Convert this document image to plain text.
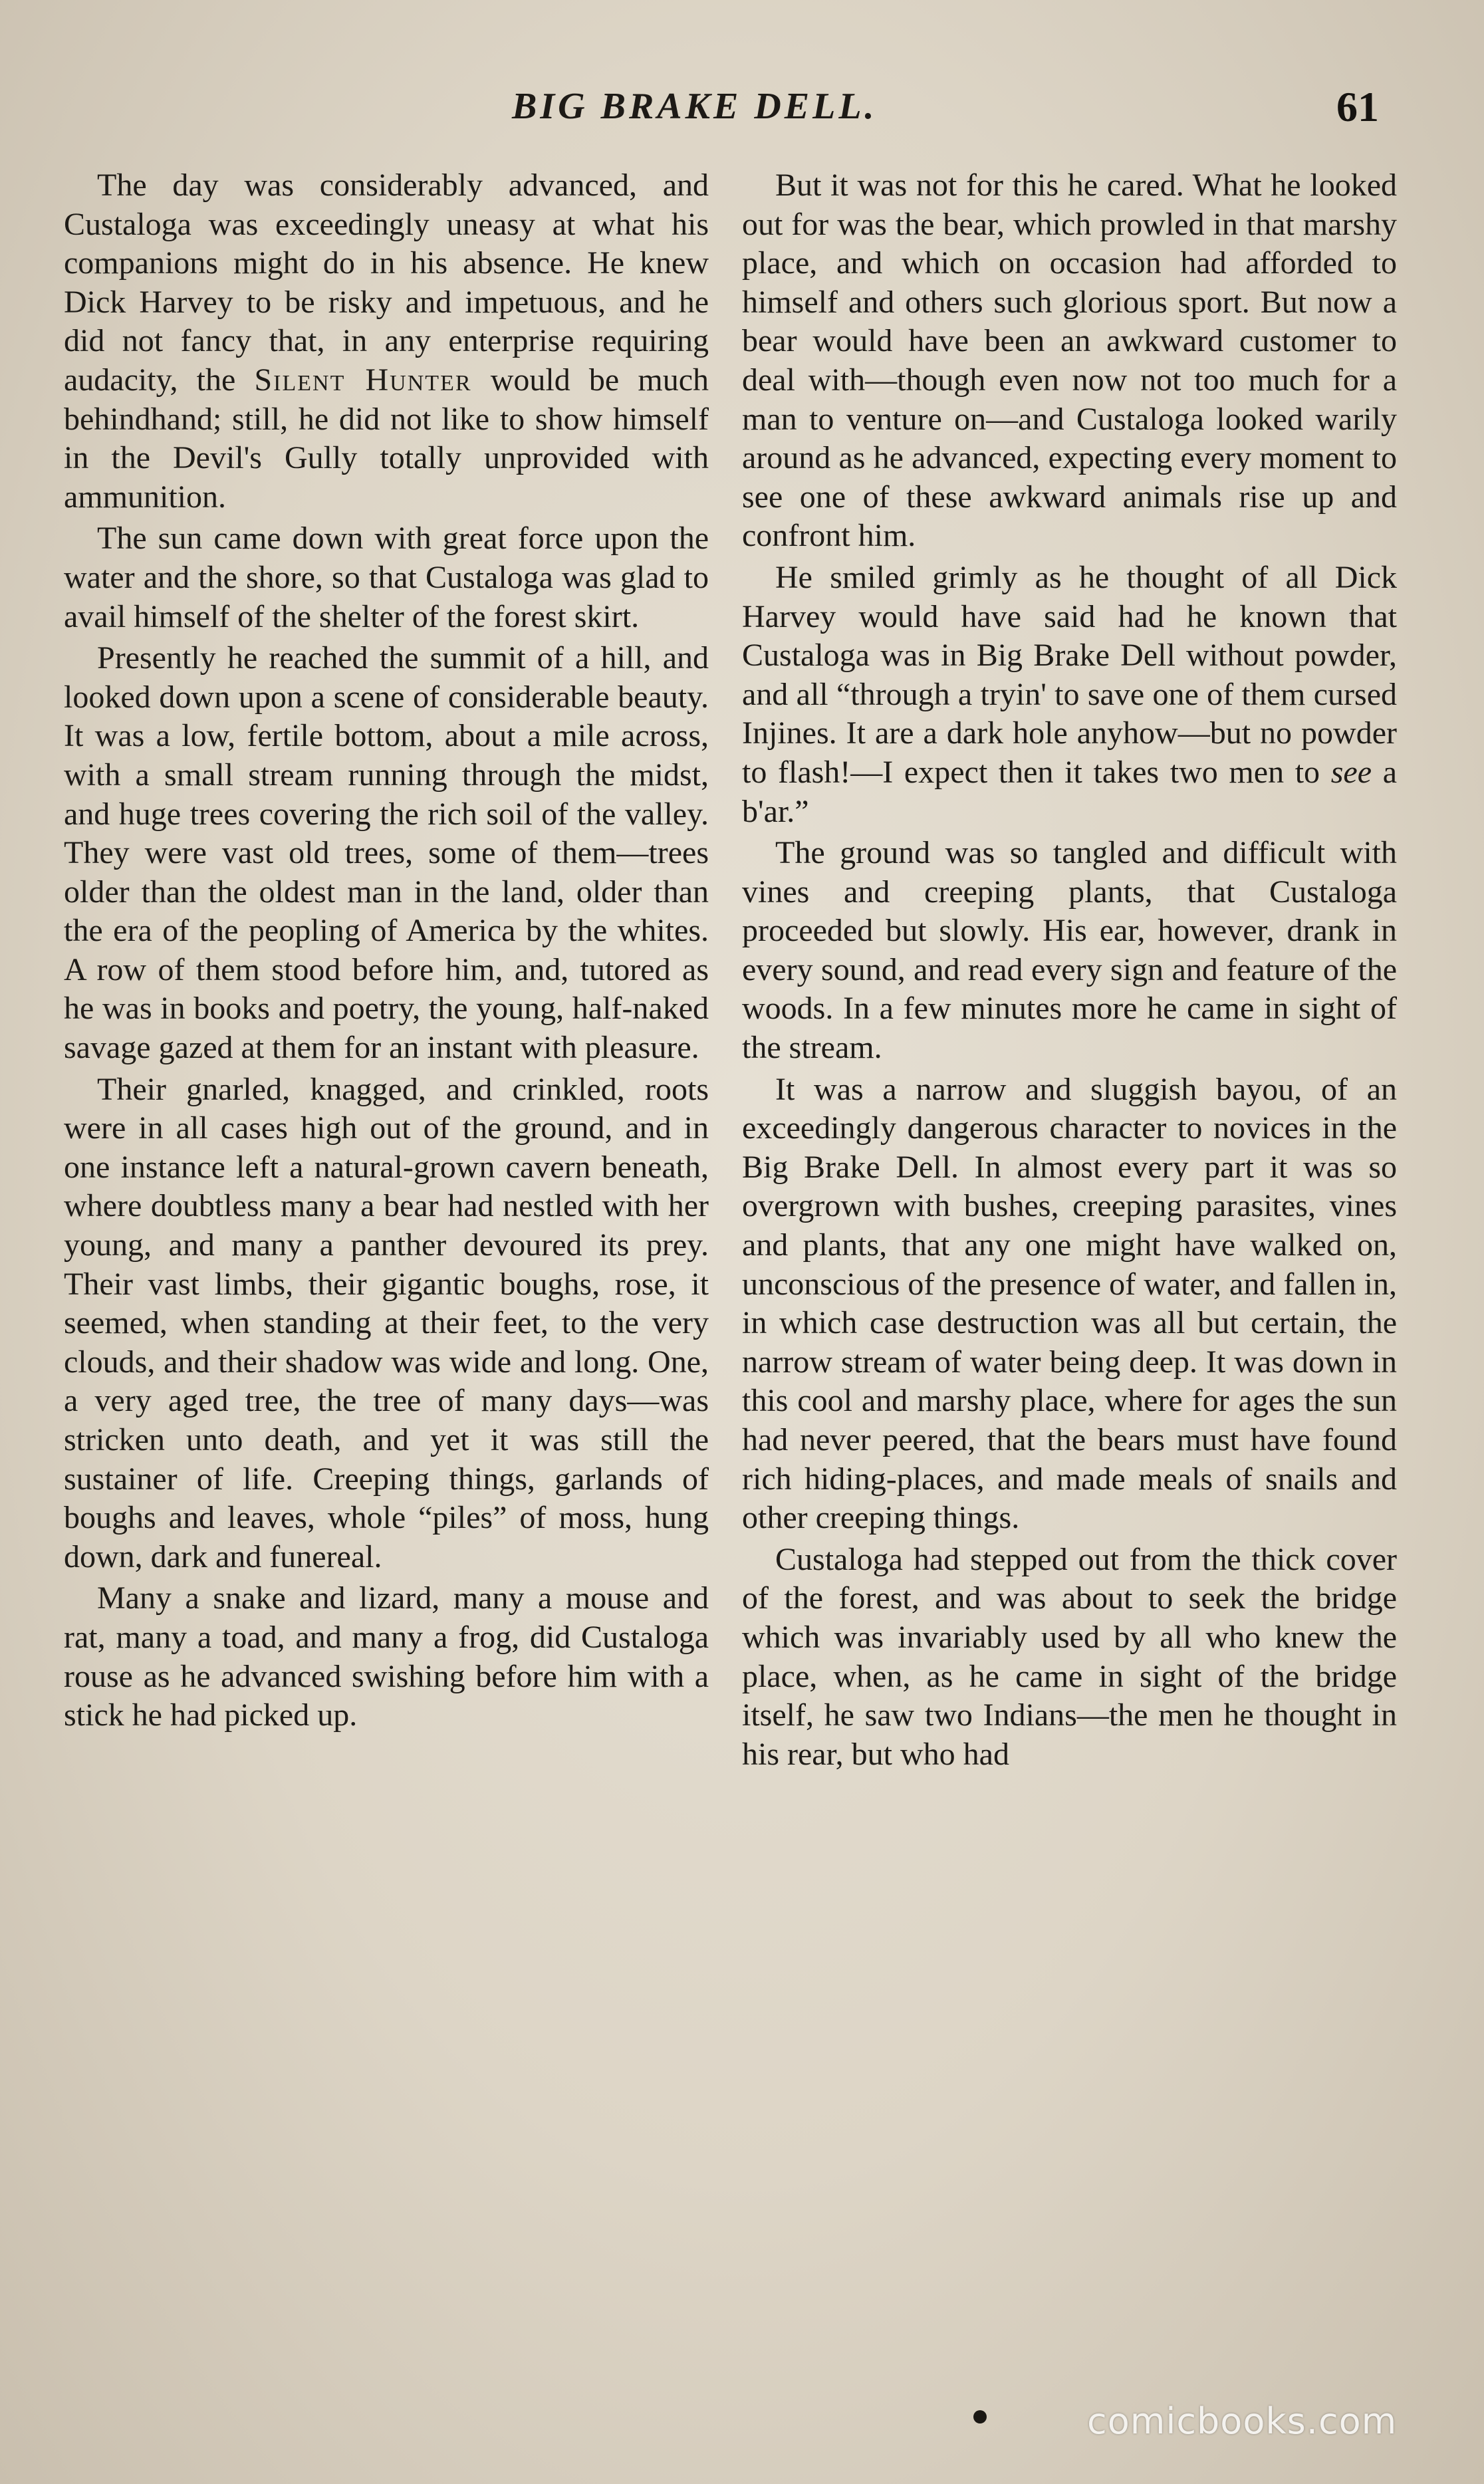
BIG BRAKE DELL.	61

The day was considerably advanced, and Custaloga was exceedingly uneasy at what his companions might do in his absence. He knew Dick Harvey to be risky and impetuous, and he did not fancy that, in any enterprise requiring audacity, the Silent Hunter would be much behindhand; still, he did not like to show himself in the Devil's Gully totally unprovided with ammunition.

The sun came down with great force upon the water and the shore, so that Custaloga was glad to avail himself of the shelter of the forest skirt.

Presently he reached the summit of a hill, and looked down upon a scene of considerable beauty. It was a low, fertile bottom, about a mile across, with a small stream running through the midst, and huge trees covering the rich soil of the valley. They were vast old trees, some of them—trees older than the oldest man in the land, older than the era of the peopling of America by the whites. A row of them stood before him, and, tutored as he was in books and poetry, the young, half-naked savage gazed at them for an instant with pleasure.

Their gnarled, knagged, and crinkled, roots were in all cases high out of the ground, and in one instance left a natural-grown cavern beneath, where doubtless many a bear had nestled with her young, and many a panther devoured its prey. Their vast limbs, their gigantic boughs, rose, it seemed, when standing at their feet, to the very clouds, and their shadow was wide and long. One, a very aged tree, the tree of many days—was stricken unto death, and yet it was still the sustainer of life. Creeping things, garlands of boughs and leaves, whole “piles” of moss, hung down, dark and funereal.

Many a snake and lizard, many a mouse and rat, many a toad, and many a frog, did Custaloga rouse as he advanced swishing before him with a stick he had picked up.

But it was not for this he cared. What he looked out for was the bear, which prowled in that marshy place, and which on occasion had afforded to himself and others such glorious sport. But now a bear would have been an awkward customer to deal with—though even now not too much for a man to venture on—and Custaloga looked warily around as he advanced, expecting every moment to see one of these awkward animals rise up and confront him.

He smiled grimly as he thought of all Dick Harvey would have said had he known that Custaloga was in Big Brake Dell without powder, and all “through a tryin' to save one of them cursed Injines. It are a dark hole anyhow—but no powder to flash!—I expect then it takes two men to see a b'ar.”

The ground was so tangled and difficult with vines and creeping plants, that Custaloga proceeded but slowly. His ear, however, drank in every sound, and read every sign and feature of the woods. In a few minutes more he came in sight of the stream.

It was a narrow and sluggish bayou, of an exceedingly dangerous character to novices in the Big Brake Dell. In almost every part it was so overgrown with bushes, creeping parasites, vines and plants, that any one might have walked on, unconscious of the presence of water, and fallen in, in which case destruction was all but certain, the narrow stream of water being deep. It was down in this cool and marshy place, where for ages the sun had never peered, that the bears must have found rich hiding-places, and made meals of snails and other creeping things.

Custaloga had stepped out from the thick cover of the forest, and was about to seek the bridge which was invariably used by all who knew the place, when, as he came in sight of the bridge itself, he saw two Indians—the men he thought in his rear, but who had

comicbooks.com
